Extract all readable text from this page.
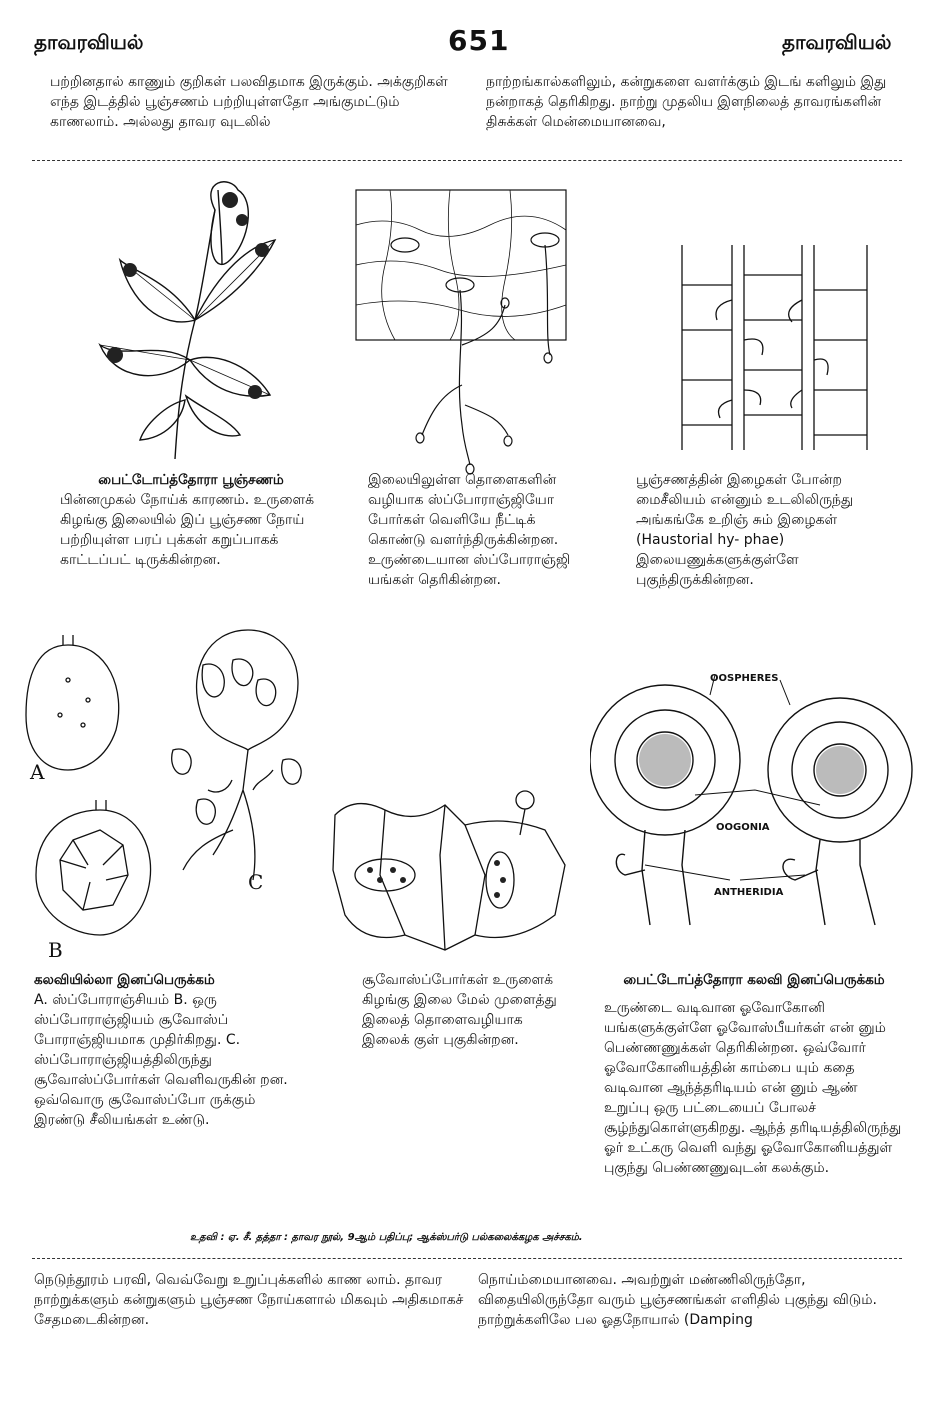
தாவரவியல்	651	தாவரவியல்
பற்றினதால் காணும் குறிகள் பலவிதமாக இருக்கும். அக்குறிகள் எந்த இடத்தில் பூஞ்சணம் பற்றியுள்ளதோ அங்குமட்டும் காணலாம். அல்லது தாவர வுடலில்
நாற்றங்கால்களிலும், கன்றுகளை வளர்க்கும் இடங் களிலும் இது நன்றாகத் தெரிகிறது. நாற்று முதலிய இளநிலைத் தாவரங்களின் திசுக்கள் மென்மையானவை,
பைட்டோப்த்தோரா பூஞ்சணம்
பின்னமுகல் நோய்க் காரணம். உருளைக் கிழங்கு இலையில் இப் பூஞ்சண நோய் பற்றியுள்ள பரப் புக்கள் கறுப்பாகக் காட்டப்பட் டிருக்கின்றன.
இலையிலுள்ள தொளைகளின் வழியாக ஸ்ப்போராஞ்ஜியோ போர்கள் வெளியே நீட்டிக் கொண்டு வளர்ந்திருக்கின்றன. உருண்டையான ஸ்ப்போராஞ்ஜி யங்கள் தெரிகின்றன.
பூஞ்சணத்தின் இழைகள் போன்ற மைசீலியம் என்னும் உடலிலிருந்து அங்கங்கே உறிஞ் சும் இழைகள் (Haustorial hy- phae) இலையணுக்களுக்குள்ளே புகுந்திருக்கின்றன.
A
B
C
OOSPHERES
OOGONIA
ANTHERIDIA
கலவியில்லா இனப்பெருக்கம்
A. ஸ்ப்போராஞ்சியம் B. ஒரு ஸ்ப்போராஞ்ஜியம் சூவோஸ்ப் போராஞ்ஜியமாக முதிர்கிறது. C. ஸ்ப்போராஞ்ஜியத்திலிருந்து சூவோஸ்ப்போர்கள் வெளிவருகின் றன. ஒவ்வொரு சூவோஸ்ப்போ ருக்கும் இரண்டு சீலியங்கள் உண்டு.
சூவோஸ்ப்போர்கள் உருளைக் கிழங்கு இலை மேல் முளைத்து இலைத் தொளைவழியாக இலைக் குள் புகுகின்றன.
பைட்டோப்த்தோரா கலவி இனப்பெருக்கம்
உருண்டை வடிவான ஓவோகோனி யங்களுக்குள்ளே ஓவோஸ்பீயர்கள் என் னும் பெண்ணணுக்கள் தெரிகின்றன. ஒவ்வோர் ஓவோகோனியத்தின் காம்பை யும் கதை வடிவான ஆந்த்தரிடியம் என் னும் ஆண் உறுப்பு ஒரு பட்டையைப் போலச் சூழ்ந்துகொள்ளுகிறது. ஆந்த் தரிடியத்திலிருந்து ஓர் உட்கரு வெளி வந்து ஓவோகோனியத்துள் புகுந்து பெண்ணணுவுடன் கலக்கும்.
உதவி : ஏ. சீ. தத்தா : தாவர நூல், 9ஆம் பதிப்பு; ஆக்ஸ்பர்டு பல்கலைக்கழக அச்சகம்.
நெடுந்தூரம் பரவி, வெவ்வேறு உறுப்புக்களில் காண லாம். தாவர நாற்றுக்களும் கன்றுகளும் பூஞ்சண நோய்களால் மிகவும் அதிகமாகச் சேதமடைகின்றன.
நொய்ம்மையானவை. அவற்றுள் மண்ணிலிருந்தோ, விதையிலிருந்தோ வரும் பூஞ்சணங்கள் எளிதில் புகுந்து விடும். நாற்றுக்களிலே பல ஓதநோயால் (Damping
